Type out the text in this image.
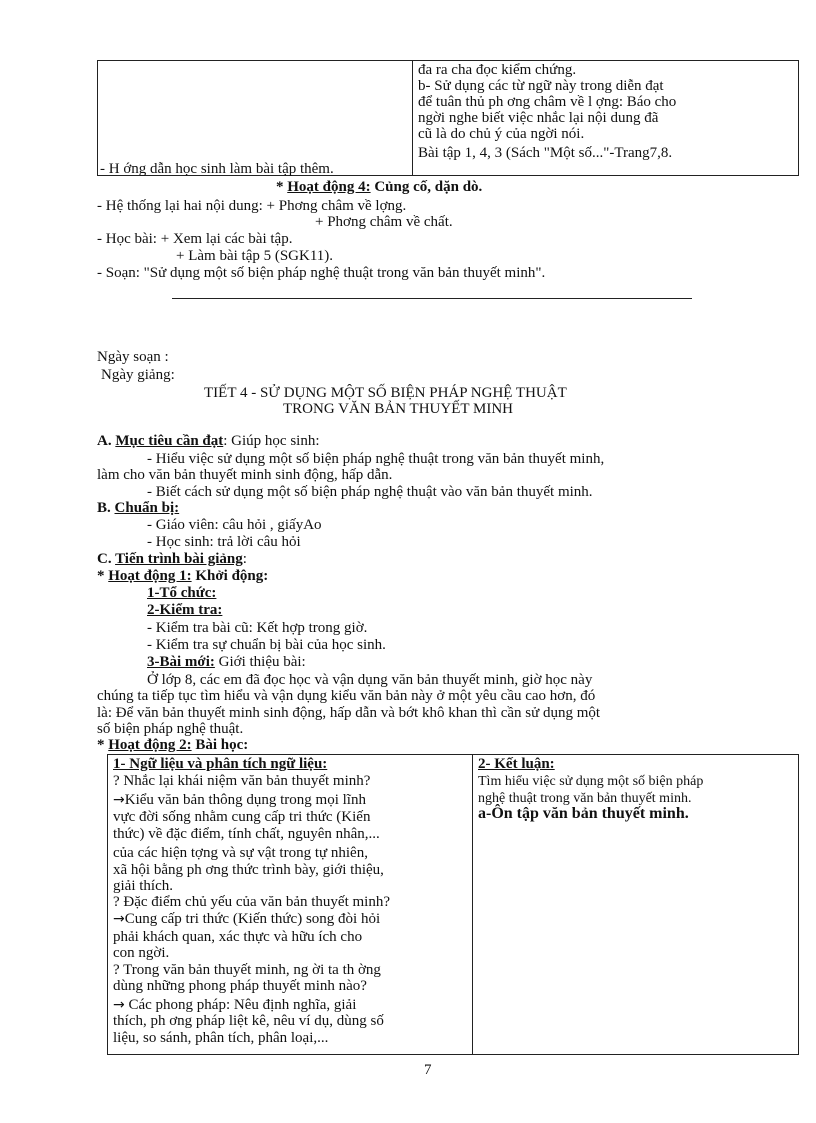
đa ra cha đọc kiểm chứng.
b- Sử dụng các từ ngữ này trong diễn đạt
để tuân thủ ph ơng châm về l ợng: Báo cho
ngời nghe biết việc nhắc lại nội dung đã
cũ là do chủ ý của ngời nói.
Bài tập 1, 4, 3 (Sách "Một số..."-Trang7,8.
- H ớng dẫn học sinh làm bài tập thêm.
* Hoạt động 4: Củng cố, dặn dò.
- Hệ thống lại hai nội dung: + Phơng châm về lợng.
+ Phơng châm về chất.
- Học bài: + Xem lại các bài tập.
+ Làm bài tập 5 (SGK11).
- Soạn: "Sử dụng một số biện pháp nghệ thuật trong văn bản thuyết minh".
Ngày soạn :
Ngày giảng:
TIẾT 4 - SỬ DỤNG MỘT SỐ BIỆN PHÁP NGHỆ THUẬT
TRONG VĂN BẢN THUYẾT MINH
A. Mục tiêu cần đạt: Giúp học sinh:
- Hiểu việc sử dụng một số biện pháp nghệ thuật trong văn bản thuyết minh,
làm cho văn bản thuyết minh sinh động, hấp dẫn.
- Biết cách sử dụng một số biện pháp nghệ thuật vào văn bản thuyết minh.
B. Chuẩn bị:
- Giáo viên: câu hỏi , giấyAo
- Học sinh: trả lời câu hỏi
C. Tiến trình bài giảng:
* Hoạt động 1: Khởi động:
1-Tổ chức:
2-Kiểm tra:
- Kiểm tra bài cũ: Kết hợp trong giờ.
- Kiểm tra sự chuẩn bị bài của học sinh.
3-Bài mới: Giới thiệu bài:
Ở lớp 8, các em đã đọc học và vận dụng văn bản thuyết minh, giờ học này
chúng ta tiếp tục tìm hiểu và vận dụng kiểu văn bản này ở một yêu cầu cao hơn, đó
là: Để văn bản thuyết minh sinh động, hấp dẫn và bớt khô khan thì cần sử dụng một
số biện pháp nghệ thuật.
* Hoạt động 2: Bài học:
1- Ngữ liệu và phân tích ngữ liệu:
? Nhắc lại khái niệm văn bản thuyết minh?
→Kiểu văn bản thông dụng trong mọi lĩnh
vực đời sống nhằm cung cấp tri thức (Kiến
thức) về đặc điểm, tính chất, nguyên nhân,...
của các hiện tợng và sự vật trong tự nhiên,
xã hội bằng ph ơng thức trình bày, giới thiệu,
giải thích.
? Đặc điểm chủ yếu của văn bản thuyết minh?
→Cung cấp tri thức (Kiến thức) song đòi hỏi
phải khách quan, xác thực và hữu ích cho
con ngời.
? Trong văn bản thuyết minh, ng ời ta th ờng
dùng những phong pháp thuyết minh nào?
→ Các phong pháp: Nêu định nghĩa, giải
thích, ph ơng pháp liệt kê, nêu ví dụ, dùng số
liệu, so sánh, phân tích, phân loại,...
2- Kết luận:
Tìm hiểu việc sử dụng một số biện pháp
nghệ thuật trong văn bản thuyết minh.
a-Ôn tập văn bản thuyết minh.
7
